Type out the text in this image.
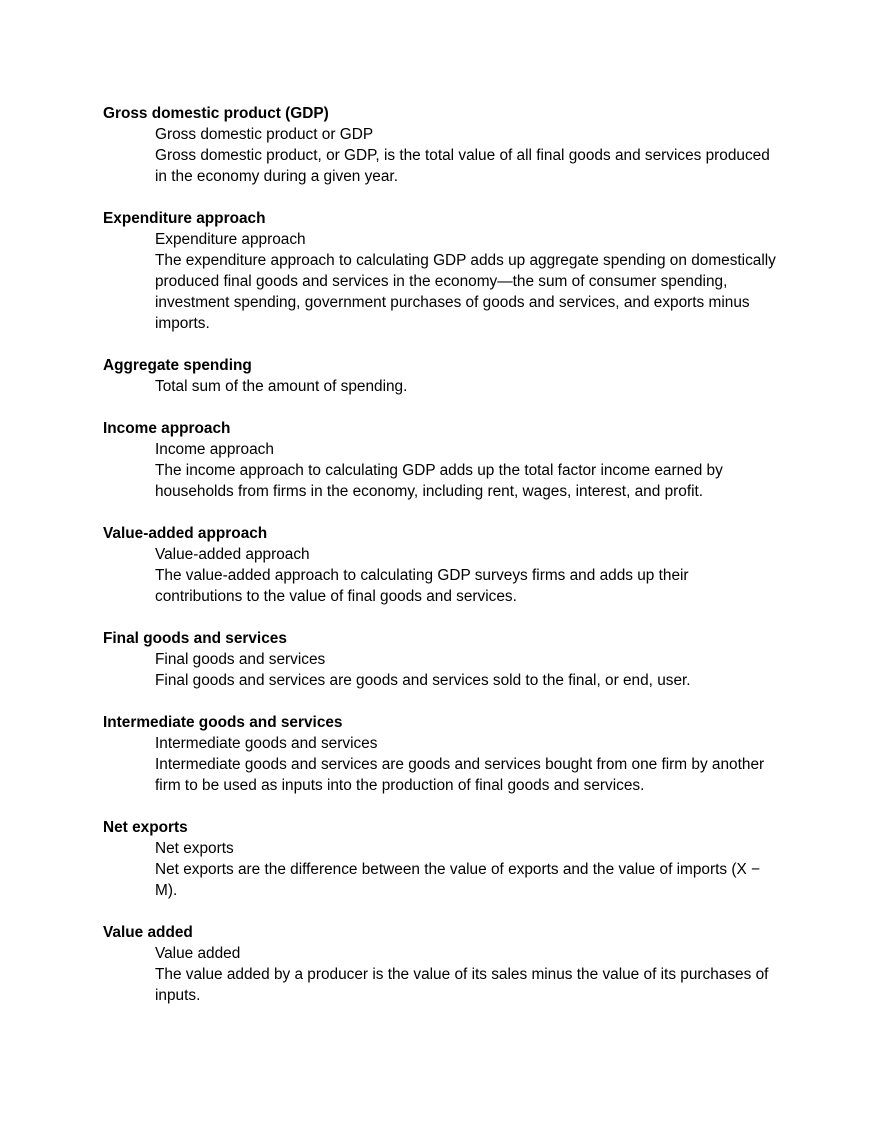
Gross domestic product (GDP)

Gross domestic product or GDP

Gross domestic product, or GDP, is the total value of all final goods and services produced in the economy during a given year.

Expenditure approach

Expenditure approach

The expenditure approach to calculating GDP adds up aggregate spending on domestically produced final goods and services in the economy—the sum of consumer spending, investment spending, government purchases of goods and services, and exports minus imports.

Aggregate spending

Total sum of the amount of spending.

Income approach

Income approach

The income approach to calculating GDP adds up the total factor income earned by households from firms in the economy, including rent, wages, interest, and profit.

Value-added approach

Value-added approach

The value-added approach to calculating GDP surveys firms and adds up their contributions to the value of final goods and services.

Final goods and services

Final goods and services

Final goods and services are goods and services sold to the final, or end, user.

Intermediate goods and services

Intermediate goods and services

Intermediate goods and services are goods and services bought from one firm by another firm to be used as inputs into the production of final goods and services.

Net exports

Net exports

Net exports are the difference between the value of exports and the value of imports (X − M).

Value added

Value added

The value added by a producer is the value of its sales minus the value of its purchases of inputs.
